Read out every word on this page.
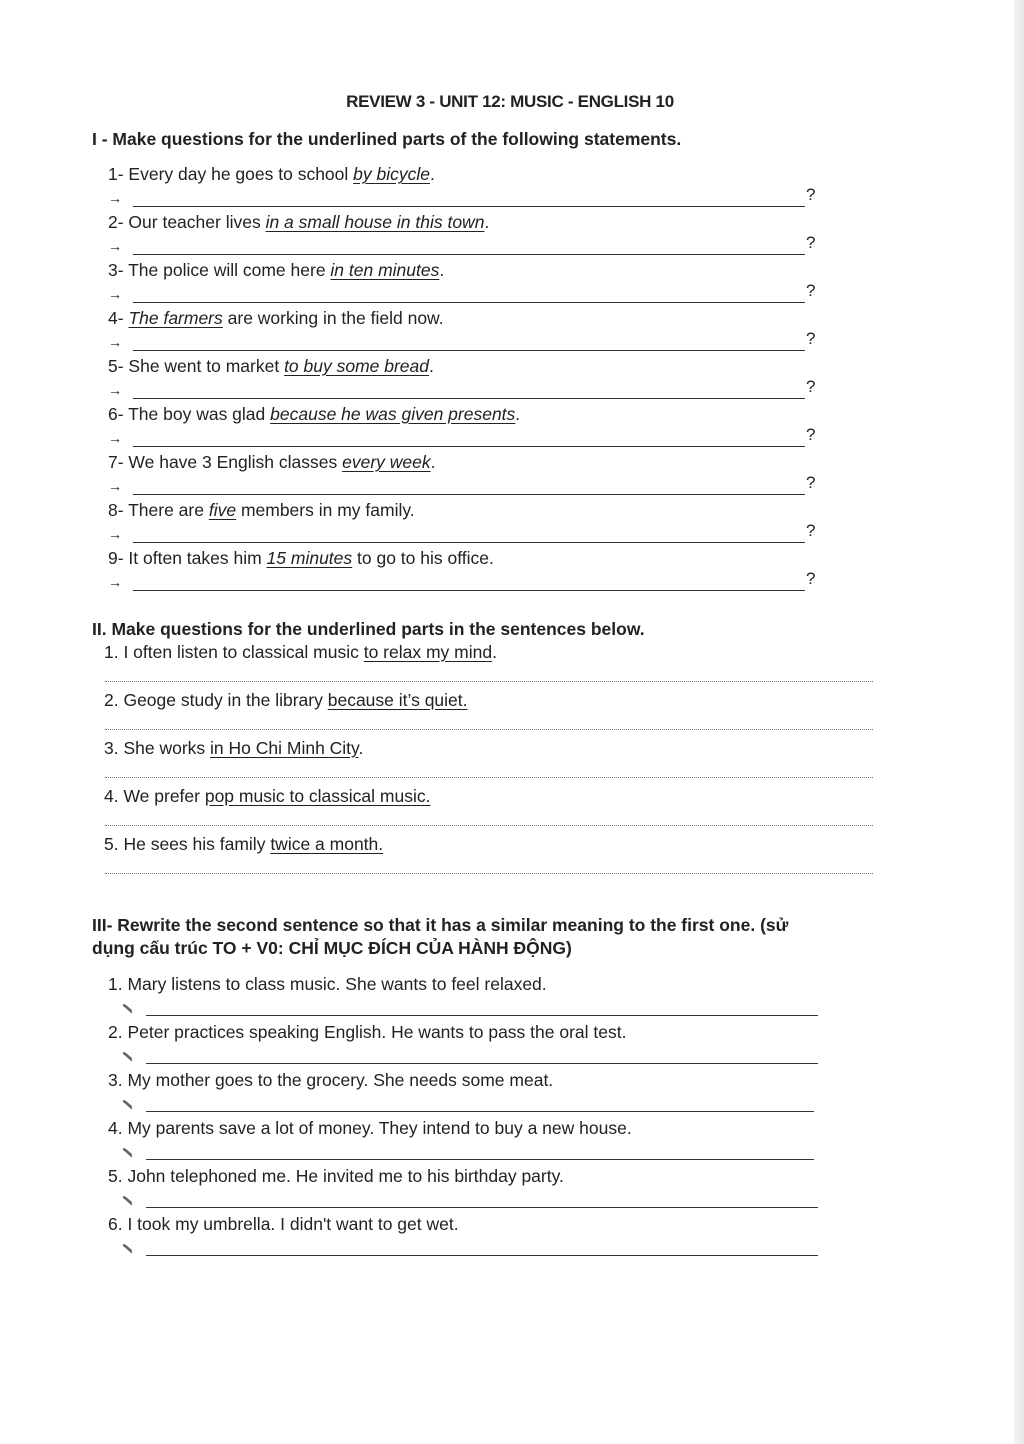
REVIEW 3 - UNIT 12: MUSIC - ENGLISH 10
I - Make questions for the underlined parts of the following statements.
1- Every day he goes to school by bicycle.
→	?
2- Our teacher lives in a small house in this town.
→	?
3- The police will come here in ten minutes.
→	?
4- The farmers are working in the field now.
→	?
5- She went to market to buy some bread.
→	?
6- The boy was glad because he was given presents.
→	?
7- We have 3 English classes every week.
→	?
8- There are five members in my family.
→	?
9- It often takes him 15 minutes to go to his office.
→	?
II. Make questions for the underlined parts in the sentences below.
1. I often listen to classical music to relax my mind.
2. Geoge study in the library because it’s quiet.
3. She works in Ho Chi Minh City.
4. We prefer pop music to classical music.
5. He sees his family twice a month.
III- Rewrite the second sentence so that it has a similar meaning to the first one. (sử
dụng cấu trúc TO + V0: CHỈ MỤC ĐÍCH CỦA HÀNH ĐỘNG)
1. Mary listens to class music. She wants to feel relaxed.
2. Peter practices speaking English. He wants to pass the oral test.
3. My mother goes to the grocery. She needs some meat.
4. My parents save a lot of money. They intend to buy a new house.
5. John telephoned me. He invited me to his birthday party.
6. I took my umbrella. I didn't want to get wet.
